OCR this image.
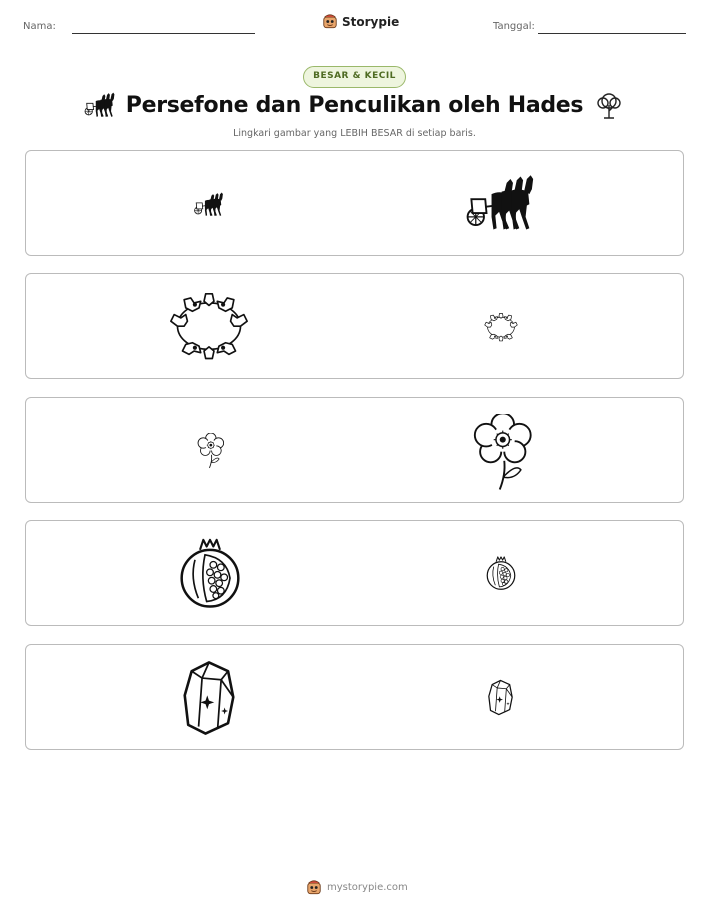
Nama:	Storypie	Tanggal:
BESAR & KECIL
Persefone dan Penculikan oleh Hades
Lingkari gambar yang LEBIH BESAR di setiap baris.
mystorypie.com
